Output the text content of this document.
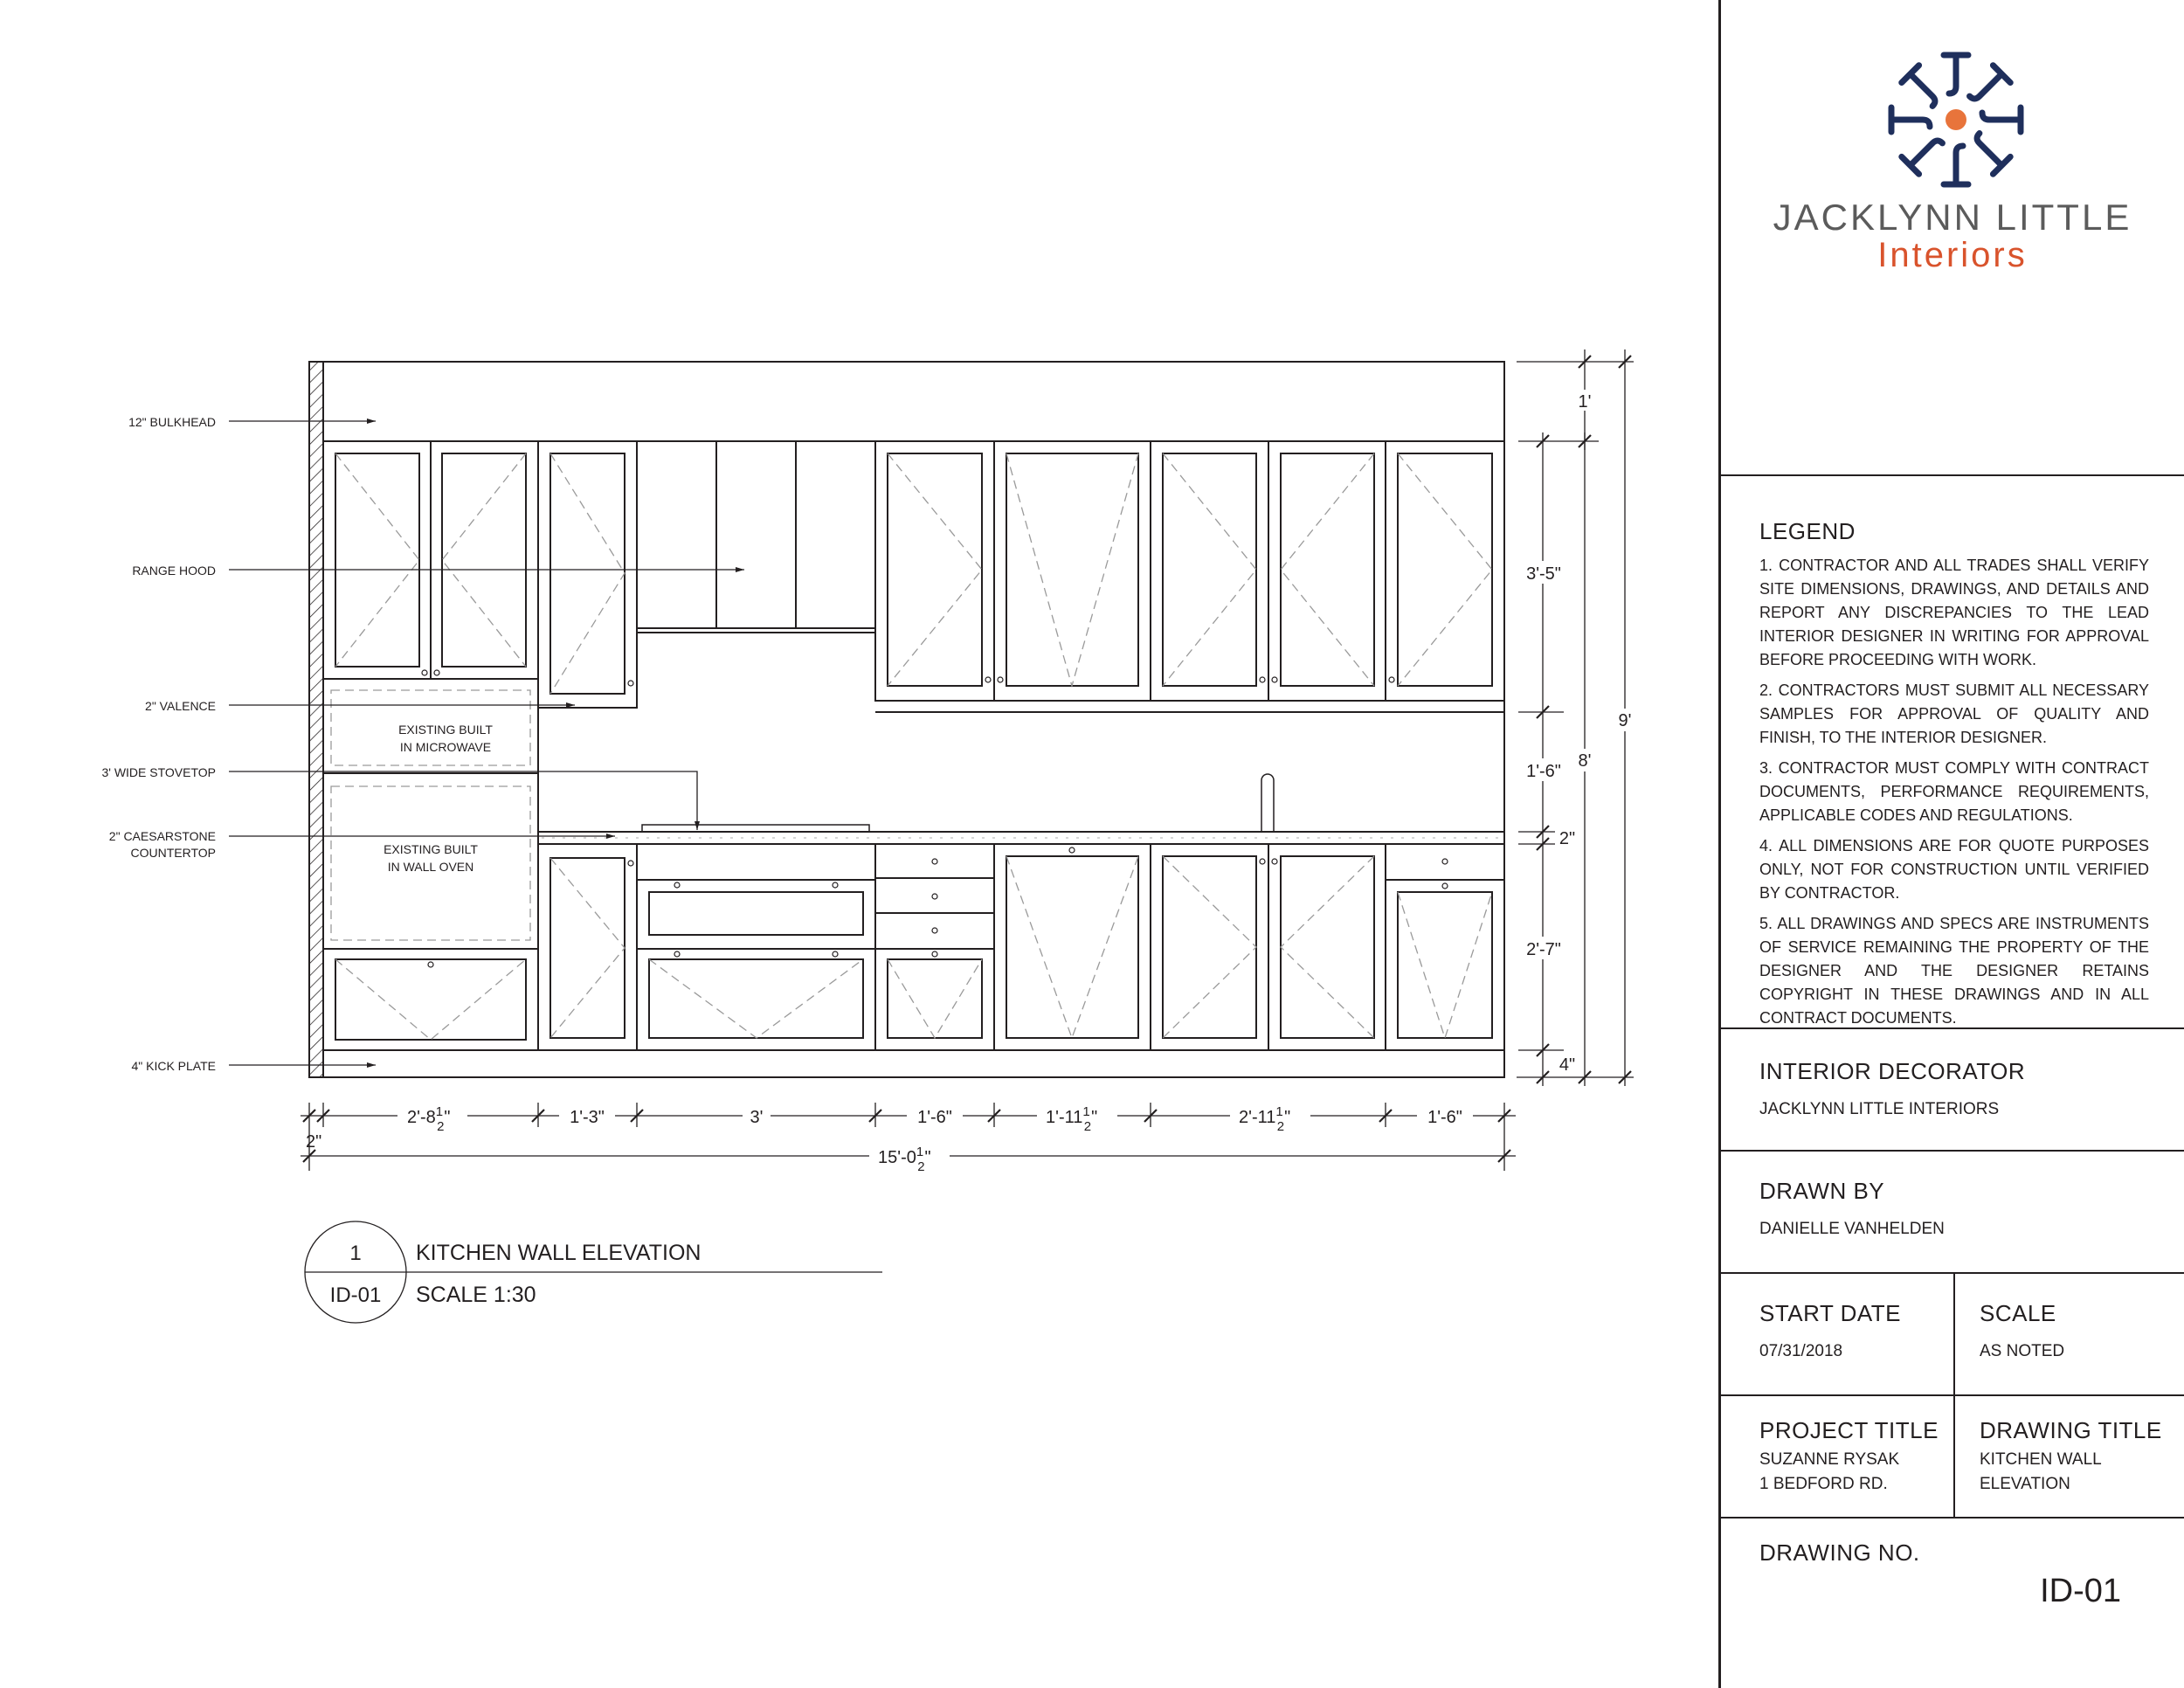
EXISTING BUILT
IN MICROWAVE
EXISTING BUILT
IN WALL OVEN
12" BULKHEAD
RANGE HOOD
2" VALENCE
3' WIDE STOVETOP
2" CAESARSTONE
COUNTERTOP
4" KICK PLATE
$2'-8^1$ 2"	1'-3"	3'	1'-6"	$1'-11^1$ 2"	$2'-11^1$ 2"	1'-6"
2"
$15'-0^1$ 2"
1'
3'-5"
1'-6"
2"
2'-7"
4"
8'
9'
1
ID-01
KITCHEN WALL ELEVATION
SCALE 1:30
JACKLYNN LITTLE
Interiors
LEGEND
1. CONTRACTOR AND ALL TRADES SHALL VERIFY SITE DIMENSIONS, DRAWINGS, AND DETAILS AND REPORT ANY DISCREPANCIES TO THE LEAD INTERIOR DESIGNER IN WRITING FOR APPROVAL BEFORE PROCEEDING WITH WORK.
2. CONTRACTORS MUST SUBMIT ALL NECESSARY SAMPLES FOR APPROVAL OF QUALITY AND FINISH, TO THE INTERIOR DESIGNER.
3. CONTRACTOR MUST COMPLY WITH CONTRACT DOCUMENTS, PERFORMANCE REQUIREMENTS, APPLICABLE CODES AND REGULATIONS.
4. ALL DIMENSIONS ARE FOR QUOTE PURPOSES ONLY, NOT FOR CONSTRUCTION UNTIL VERIFIED BY CONTRACTOR.
5. ALL DRAWINGS AND SPECS ARE INSTRUMENTS OF SERVICE REMAINING THE PROPERTY OF THE DESIGNER AND THE DESIGNER RETAINS COPYRIGHT IN THESE DRAWINGS AND IN ALL CONTRACT DOCUMENTS.
INTERIOR DECORATOR
JACKLYNN LITTLE INTERIORS
DRAWN BY
DANIELLE VANHELDEN
START DATE
07/31/2018
SCALE
AS NOTED
PROJECT TITLE
SUZANNE RYSAK
1 BEDFORD RD.
DRAWING TITLE
KITCHEN WALL
ELEVATION
DRAWING NO.
ID-01
